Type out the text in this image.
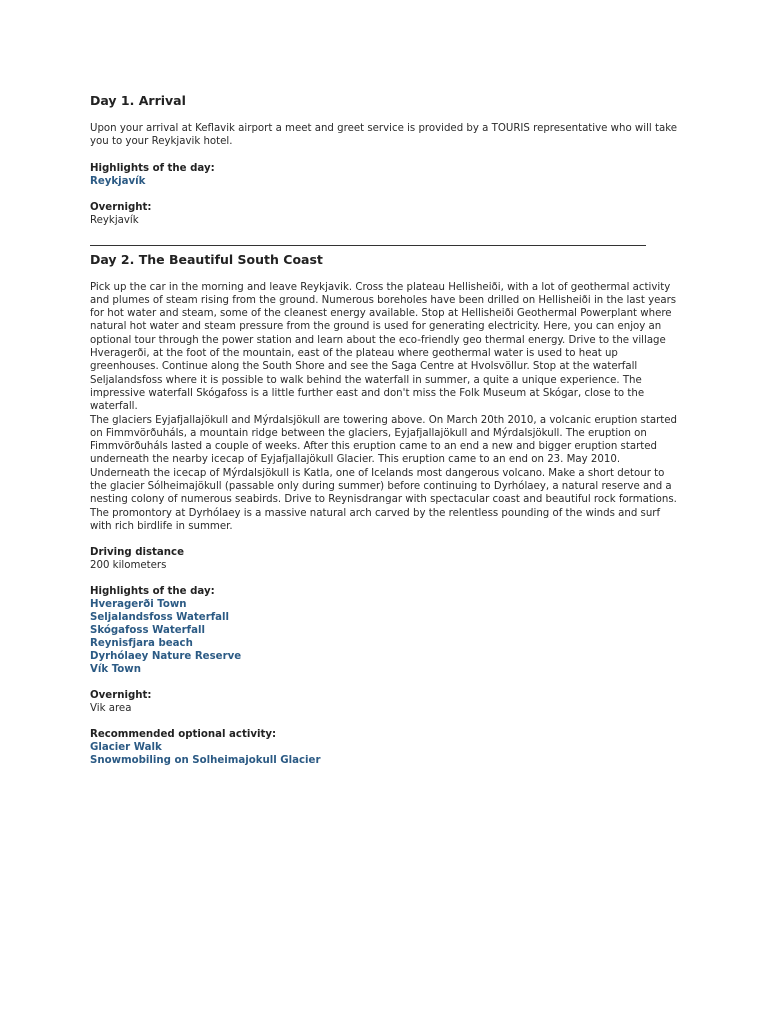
Day 1. Arrival

Upon your arrival at Keflavik airport a meet and greet service is provided by a TOURIS representative who will take you to your Reykjavik hotel.

Highlights of the day:

Reykjavík

Overnight:

Reykjavík

Day 2. The Beautiful South Coast

Pick up the car in the morning and leave Reykjavik. Cross the plateau Hellisheiði, with a lot of geothermal activity and plumes of steam rising from the ground. Numerous boreholes have been drilled on Hellisheiði in the last years for hot water and steam, some of the cleanest energy available. Stop at Hellisheiði Geothermal Powerplant where natural hot water and steam pressure from the ground is used for generating electricity. Here, you can enjoy an optional tour through the power station and learn about the eco-friendly geo thermal energy. Drive to the village Hveragerði, at the foot of the mountain, east of the plateau where geothermal water is used to heat up greenhouses. Continue along the South Shore and see the Saga Centre at Hvolsvöllur. Stop at the waterfall Seljalandsfoss where it is possible to walk behind the waterfall in summer, a quite a unique experience. The impressive waterfall Skógafoss is a little further east and don't miss the Folk Museum at Skógar, close to the waterfall.

The glaciers Eyjafjallajökull and Mýrdalsjökull are towering above. On March 20th 2010, a volcanic eruption started on Fimmvörðuháls, a mountain ridge between the glaciers, Eyjafjallajökull and Mýrdalsjökull. The eruption on Fimmvörðuháls lasted a couple of weeks. After this eruption came to an end a new and bigger eruption started underneath the nearby icecap of Eyjafjallajökull Glacier. This eruption came to an end on 23. May 2010.

Underneath the icecap of Mýrdalsjökull is Katla, one of Icelands most dangerous volcano. Make a short detour to the glacier Sólheimajökull (passable only during summer) before continuing to Dyrhólaey, a natural reserve and a nesting colony of numerous seabirds. Drive to Reynisdrangar with spectacular coast and beautiful rock formations. The promontory at Dyrhólaey is a massive natural arch carved by the relentless pounding of the winds and surf with rich birdlife in summer.

Driving distance

200 kilometers

Highlights of the day:

Hveragerði Town
Seljalandsfoss Waterfall
Skógafoss Waterfall
Reynisfjara beach
Dyrhólaey Nature Reserve
Vík Town

Overnight:

Vik area

Recommended optional activity:

Glacier Walk
Snowmobiling on Solheimajokull Glacier
